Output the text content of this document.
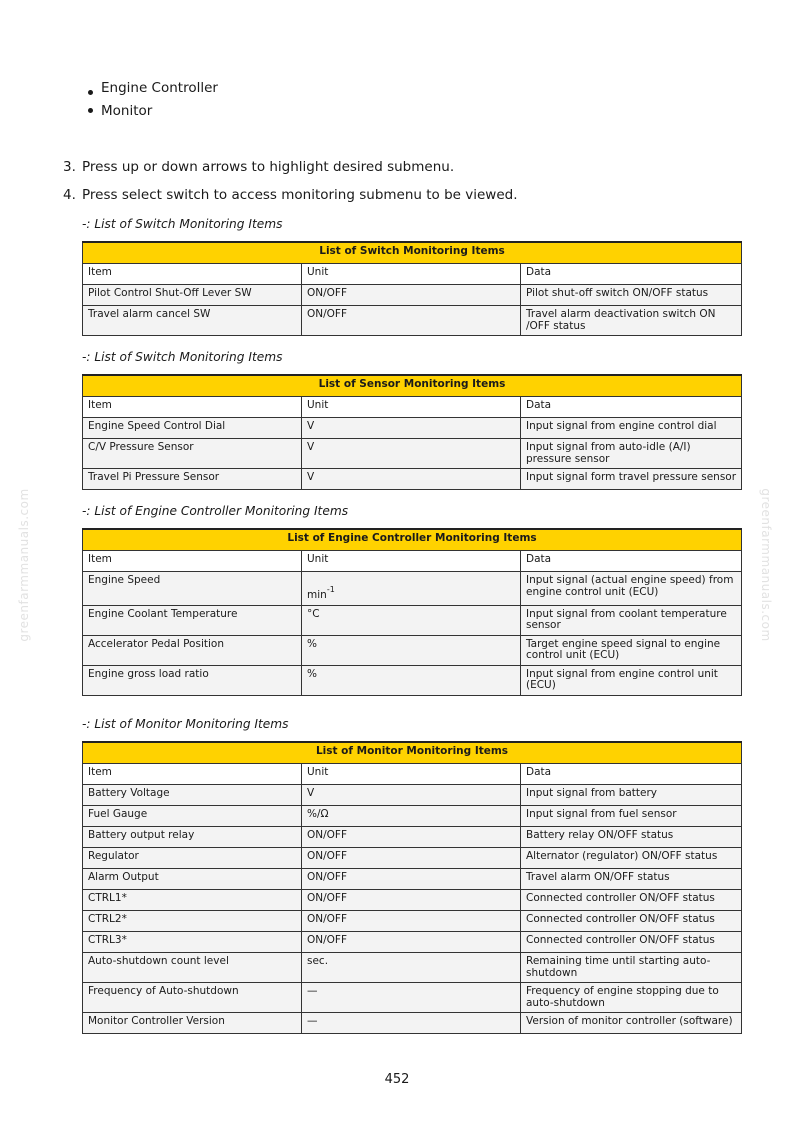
Engine Controller
Monitor
3. Press up or down arrows to highlight desired submenu.
4. Press select switch to access monitoring submenu to be viewed.
-: List of Switch Monitoring Items
List of Switch Monitoring Items		
Item	Unit	Data
Pilot Control Shut-Off Lever SW	ON/OFF	Pilot shut-off switch ON/OFF status
Travel alarm cancel SW	ON/OFF	Travel alarm deactivation switch ON /OFF status
-: List of Switch Monitoring Items
List of Sensor Monitoring Items		
Item	Unit	Data
Engine Speed Control Dial	V	Input signal from engine control dial
C/V Pressure Sensor	V	Input signal from auto-idle (A/I) pressure sensor
Travel Pi Pressure Sensor	V	Input signal form travel pressure sensor
-: List of Engine Controller Monitoring Items
List of Engine Controller Monitoring Items		
Item	Unit	Data
Engine Speed	$\min^{-1}$	Input signal (actual engine speed) from engine control unit (ECU)
Engine Coolant Temperature	°C	Input signal from coolant temperature sensor
Accelerator Pedal Position	%	Target engine speed signal to engine control unit (ECU)
Engine gross load ratio	%	Input signal from engine control unit (ECU)
-: List of Monitor Monitoring Items
List of Monitor Monitoring Items		
Item	Unit	Data
Battery Voltage	V	Input signal from battery
Fuel Gauge	%/Ω	Input signal from fuel sensor
Battery output relay	ON/OFF	Battery relay ON/OFF status
Regulator	ON/OFF	Alternator (regulator) ON/OFF status
Alarm Output	ON/OFF	Travel alarm ON/OFF status
CTRL1*	ON/OFF	Connected controller ON/OFF status
CTRL2*	ON/OFF	Connected controller ON/OFF status
CTRL3*	ON/OFF	Connected controller ON/OFF status
Auto-shutdown count level	sec.	Remaining time until starting auto-shutdown
Frequency of Auto-shutdown	—	Frequency of engine stopping due to auto-shutdown
Monitor Controller Version	—	Version of monitor controller (software)
greenfarmmanuals.com	greenfarmmanuals.com
452
